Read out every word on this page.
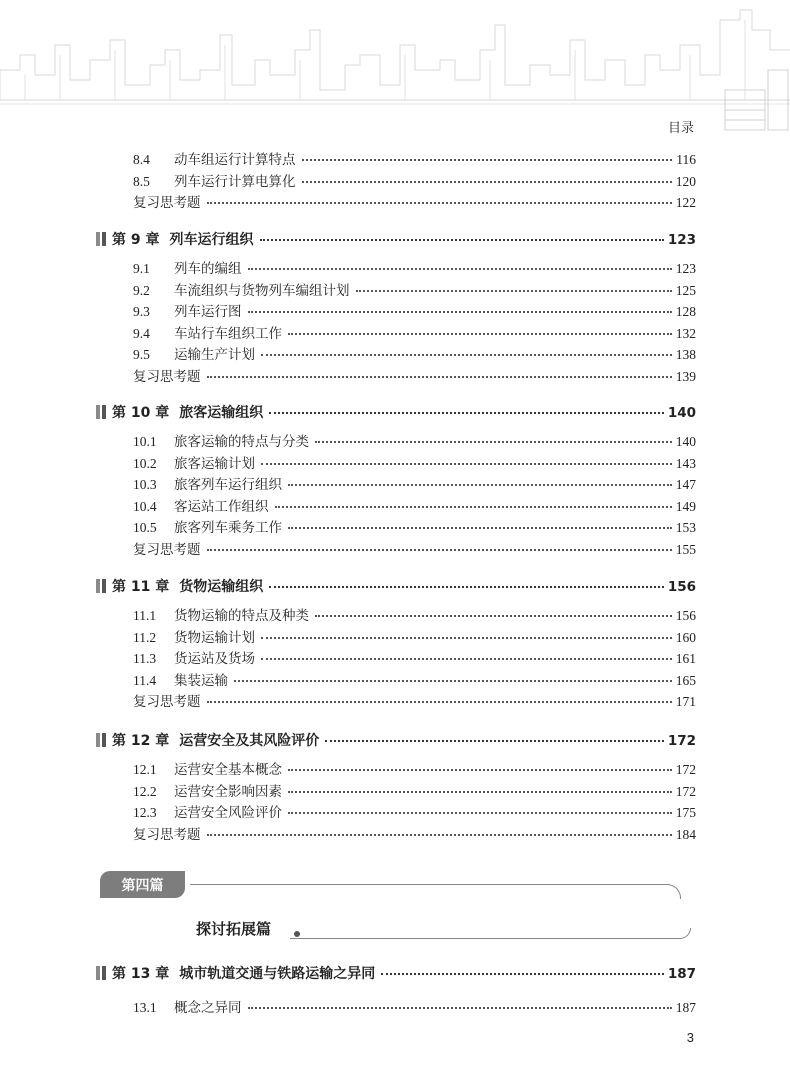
目录
8.4	动车组运行计算特点	116
8.5	列车运行计算电算化	120
复习思考题	122
第 9 章 列车运行组织	123
9.1	列车的编组	123
9.2	车流组织与货物列车编组计划	125
9.3	列车运行图	128
9.4	车站行车组织工作	132
9.5	运输生产计划	138
复习思考题	139
第 10 章 旅客运输组织	140
10.1	旅客运输的特点与分类	140
10.2	旅客运输计划	143
10.3	旅客列车运行组织	147
10.4	客运站工作组织	149
10.5	旅客列车乘务工作	153
复习思考题	155
第 11 章 货物运输组织	156
11.1	货物运输的特点及种类	156
11.2	货物运输计划	160
11.3	货运站及货场	161
11.4	集装运输	165
复习思考题	171
第 12 章 运营安全及其风险评价	172
12.1	运营安全基本概念	172
12.2	运营安全影响因素	172
12.3	运营安全风险评价	175
复习思考题	184
第 13 章 城市轨道交通与铁路运输之异同	187
13.1	概念之异同	187
第四篇
探讨拓展篇
3
